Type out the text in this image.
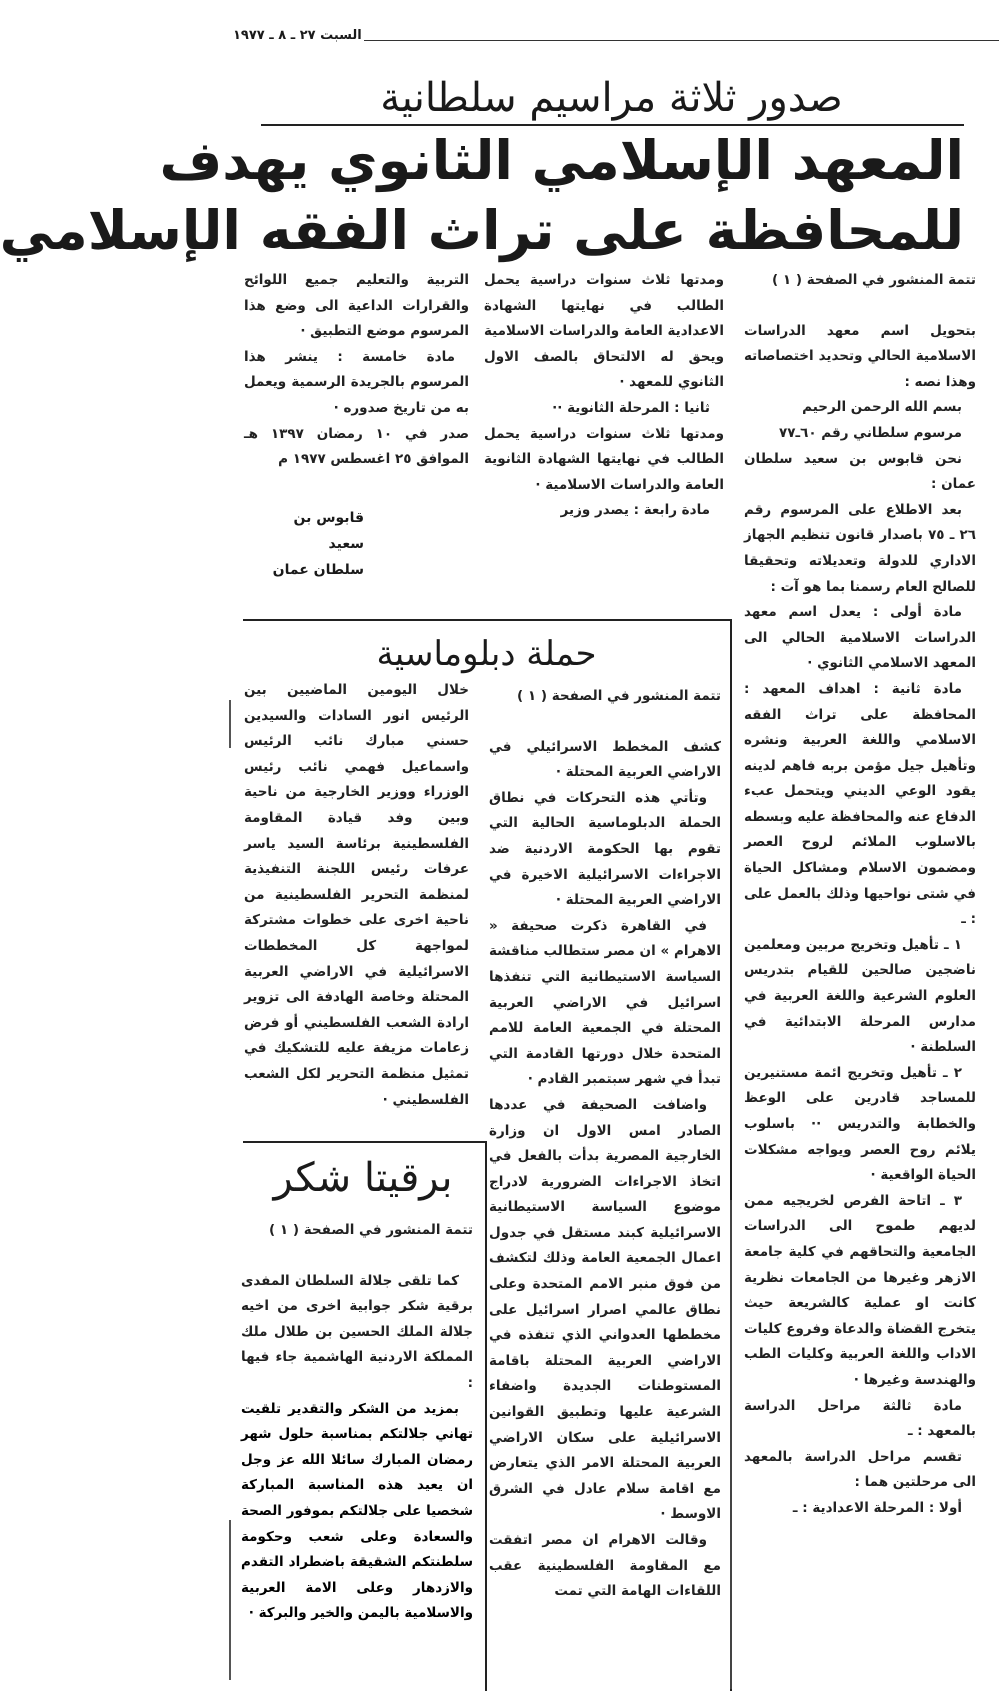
السبت ٢٧ ـ ٨ ـ ١٩٧٧
صدور ثلاثة مراسيم سلطانية
المعهد الإسلامي الثانوي يهدف
للمحافظة على تراث الفقه الإسلامي

تتمة المنشور في الصفحة ( ١ )

بتحويل اسم معهد الدراسات الاسلامية الحالي وتحديد اختصاصاته وهذا نصه :

بسم الله الرحمن الرحيم

مرسوم سلطاني رقم ٦٠ـ٧٧

نحن قابوس بن سعيد سلطان عمان :

بعد الاطلاع على المرسوم رقم ٢٦ ـ ٧٥ باصدار قانون تنظيم الجهاز الاداري للدولة وتعديلاته وتحقيقا للصالح العام رسمنا بما هو آت :

مادة أولى : يعدل اسم معهد الدراسات الاسلامية الحالي الى المعهد الاسلامي الثانوي ·

مادة ثانية : اهداف المعهد : المحافظة على تراث الفقه الاسلامي واللغة العربية ونشره وتأهيل جيل مؤمن بربه فاهم لدينه يقود الوعي الديني ويتحمل عبء الدفاع عنه والمحافظة عليه وبسطه بالاسلوب الملائم لروح العصر ومضمون الاسلام ومشاكل الحياة في شتى نواحيها وذلك بالعمل على : ـ

١ ـ تأهيل وتخريج مربين ومعلمين ناضجين صالحين للقيام بتدريس العلوم الشرعية واللغة العربية في مدارس المرحلة الابتدائية في السلطنة ·

٢ ـ تأهيل وتخريج ائمة مستنيرين للمساجد قادرين على الوعظ والخطابة والتدريس ·· باسلوب يلائم روح العصر ويواجه مشكلات الحياة الواقعية ·

٣ ـ اتاحة الفرص لخريجيه ممن لديهم طموح الى الدراسات الجامعية والتحاقهم في كلية جامعة الازهر وغيرها من الجامعات نظرية كانت او عملية كالشريعة حيث يتخرج القضاة والدعاة وفروع كليات الاداب واللغة العربية وكليات الطب والهندسة وغيرها ·

مادة ثالثة مراحل الدراسة بالمعهد : ـ

تقسم مراحل الدراسة بالمعهد الى مرحلتين هما :

أولا : المرحلة الاعدادية : ـ

ومدتها ثلاث سنوات دراسية يحمل الطالب في نهايتها الشهادة الاعدادية العامة والدراسات الاسلامية ويحق له الالتحاق بالصف الاول الثانوي للمعهد ·

ثانيا : المرحلة الثانوية ··

ومدتها ثلاث سنوات دراسية يحمل الطالب في نهايتها الشهادة الثانوية العامة والدراسات الاسلامية ·

مادة رابعة : يصدر وزير

التربية والتعليم جميع اللوائح والقرارات الداعية الى وضع هذا المرسوم موضع التطبيق ·

مادة خامسة : ينشر هذا المرسوم بالجريدة الرسمية ويعمل به من تاريخ صدوره ·

صدر في ١٠ رمضان ١٣٩٧ هـ الموافق ٢٥ اغسطس ١٩٧٧ م

قابوس بن سعيد
سلطان عمان
حملة دبلوماسية

تتمة المنشور في الصفحة ( ١ )

كشف المخطط الاسرائيلي في الاراضي العربية المحتلة ·

وتأتي هذه التحركات في نطاق الحملة الدبلوماسية الحالية التي تقوم بها الحكومة الاردنية ضد الاجراءات الاسرائيلية الاخيرة في الاراضي العربية المحتلة ·

في القاهرة ذكرت صحيفة « الاهرام » ان مصر ستطالب مناقشة السياسة الاستيطانية التي تنفذها اسرائيل في الاراضي العربية المحتلة في الجمعية العامة للامم المتحدة خلال دورتها القادمة التي تبدأ في شهر سبتمبر القادم ·

واضافت الصحيفة في عددها الصادر امس الاول ان وزارة الخارجية المصرية بدأت بالفعل في اتخاذ الاجراءات الضرورية لادراج موضوع السياسة الاستيطانية الاسرائيلية كبند مستقل في جدول اعمال الجمعية العامة وذلك لتكشف من فوق منبر الامم المتحدة وعلى نطاق عالمي اصرار اسرائيل على مخططها العدواني الذي تنفذه في الاراضي العربية المحتلة باقامة المستوطنات الجديدة واضفاء الشرعية عليها وتطبيق القوانين الاسرائيلية على سكان الاراضي العربية المحتلة الامر الذي يتعارض مع اقامة سلام عادل في الشرق الاوسط ·

وقالت الاهرام ان مصر اتفقت مع المقاومة الفلسطينية عقب اللقاءات الهامة التي تمت

خلال اليومين الماضيين بين الرئيس انور السادات والسيدين حسني مبارك نائب الرئيس واسماعيل فهمي نائب رئيس الوزراء ووزير الخارجية من ناحية وبين وفد قيادة المقاومة الفلسطينية برئاسة السيد ياسر عرفات رئيس اللجنة التنفيذية لمنظمة التحرير الفلسطينية من ناحية اخرى على خطوات مشتركة لمواجهة كل المخططات الاسرائيلية في الاراضي العربية المحتلة وخاصة الهادفة الى تزوير ارادة الشعب الفلسطيني أو فرض زعامات مزيفة عليه للتشكيك في تمثيل منظمة التحرير لكل الشعب الفلسطيني ·

برقيتا شكر

تتمة المنشور في الصفحة ( ١ )

كما تلقى جلالة السلطان المفدى برقية شكر جوابية اخرى من اخيه جلالة الملك الحسين بن طلال ملك المملكة الاردنية الهاشمية جاء فيها :

بمزيد من الشكر والتقدير تلقيت تهاني جلالتكم بمناسبة حلول شهر رمضان المبارك سائلا الله عز وجل ان يعيد هذه المناسبة المباركة شخصيا على جلالتكم بموفور الصحة والسعادة وعلى شعب وحكومة سلطنتكم الشقيقة باضطراد التقدم والازدهار وعلى الامة العربية والاسلامية باليمن والخير والبركة ·
